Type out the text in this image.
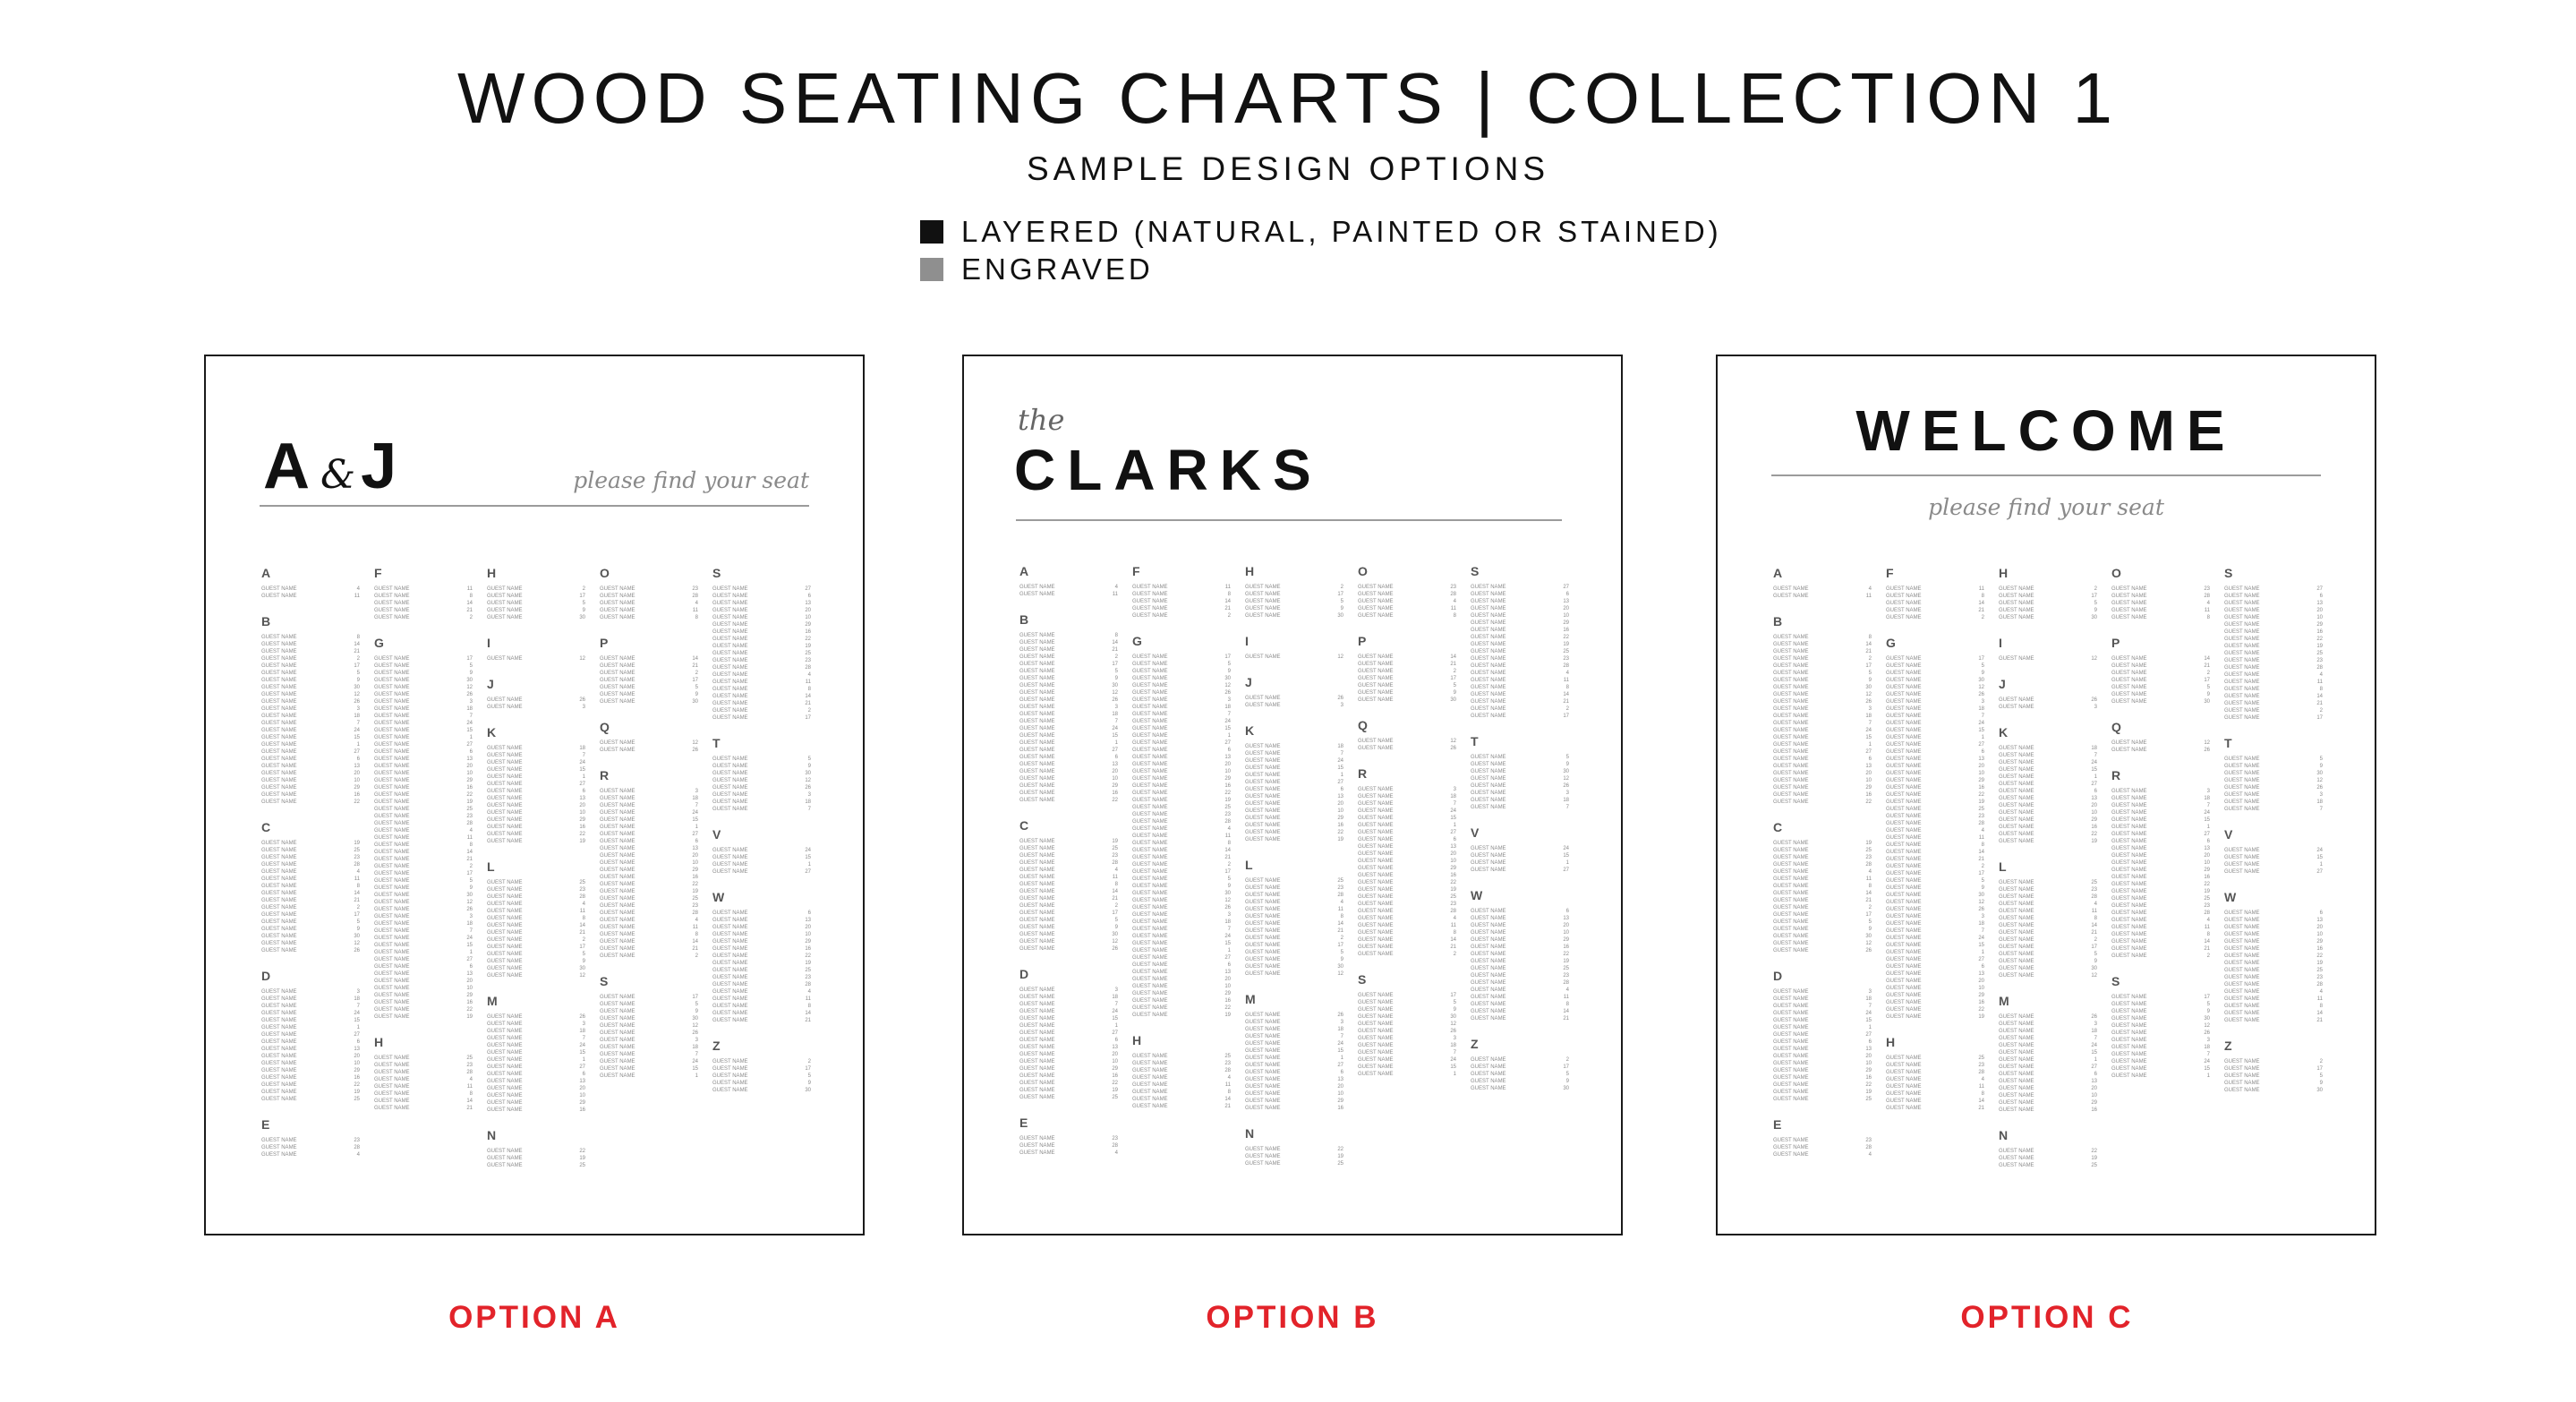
WOOD SEATING CHARTS | COLLECTION 1
SAMPLE DESIGN OPTIONS
LAYERED (NATURAL, PAINTED OR STAINED)
ENGRAVED
A &J	please find your seat
A
GUEST NAME	4
GUEST NAME	11
B
GUEST NAME	8
GUEST NAME	14
GUEST NAME	21
GUEST NAME	2
GUEST NAME	17
GUEST NAME	5
GUEST NAME	9
GUEST NAME	30
GUEST NAME	12
GUEST NAME	26
GUEST NAME	3
GUEST NAME	18
GUEST NAME	7
GUEST NAME	24
GUEST NAME	15
GUEST NAME	1
GUEST NAME	27
GUEST NAME	6
GUEST NAME	13
GUEST NAME	20
GUEST NAME	10
GUEST NAME	29
GUEST NAME	16
GUEST NAME	22
C
GUEST NAME	19
GUEST NAME	25
GUEST NAME	23
GUEST NAME	28
GUEST NAME	4
GUEST NAME	11
GUEST NAME	8
GUEST NAME	14
GUEST NAME	21
GUEST NAME	2
GUEST NAME	17
GUEST NAME	5
GUEST NAME	9
GUEST NAME	30
GUEST NAME	12
GUEST NAME	26
D
GUEST NAME	3
GUEST NAME	18
GUEST NAME	7
GUEST NAME	24
GUEST NAME	15
GUEST NAME	1
GUEST NAME	27
GUEST NAME	6
GUEST NAME	13
GUEST NAME	20
GUEST NAME	10
GUEST NAME	29
GUEST NAME	16
GUEST NAME	22
GUEST NAME	19
GUEST NAME	25
E
GUEST NAME	23
GUEST NAME	28
GUEST NAME	4
F
GUEST NAME	11
GUEST NAME	8
GUEST NAME	14
GUEST NAME	21
GUEST NAME	2
G
GUEST NAME	17
GUEST NAME	5
GUEST NAME	9
GUEST NAME	30
GUEST NAME	12
GUEST NAME	26
GUEST NAME	3
GUEST NAME	18
GUEST NAME	7
GUEST NAME	24
GUEST NAME	15
GUEST NAME	1
GUEST NAME	27
GUEST NAME	6
GUEST NAME	13
GUEST NAME	20
GUEST NAME	10
GUEST NAME	29
GUEST NAME	16
GUEST NAME	22
GUEST NAME	19
GUEST NAME	25
GUEST NAME	23
GUEST NAME	28
GUEST NAME	4
GUEST NAME	11
GUEST NAME	8
GUEST NAME	14
GUEST NAME	21
GUEST NAME	2
GUEST NAME	17
GUEST NAME	5
GUEST NAME	9
GUEST NAME	30
GUEST NAME	12
GUEST NAME	26
GUEST NAME	3
GUEST NAME	18
GUEST NAME	7
GUEST NAME	24
GUEST NAME	15
GUEST NAME	1
GUEST NAME	27
GUEST NAME	6
GUEST NAME	13
GUEST NAME	20
GUEST NAME	10
GUEST NAME	29
GUEST NAME	16
GUEST NAME	22
GUEST NAME	19
H
GUEST NAME	25
GUEST NAME	23
GUEST NAME	28
GUEST NAME	4
GUEST NAME	11
GUEST NAME	8
GUEST NAME	14
GUEST NAME	21
H
GUEST NAME	2
GUEST NAME	17
GUEST NAME	5
GUEST NAME	9
GUEST NAME	30
I
GUEST NAME	12
J
GUEST NAME	26
GUEST NAME	3
K
GUEST NAME	18
GUEST NAME	7
GUEST NAME	24
GUEST NAME	15
GUEST NAME	1
GUEST NAME	27
GUEST NAME	6
GUEST NAME	13
GUEST NAME	20
GUEST NAME	10
GUEST NAME	29
GUEST NAME	16
GUEST NAME	22
GUEST NAME	19
L
GUEST NAME	25
GUEST NAME	23
GUEST NAME	28
GUEST NAME	4
GUEST NAME	11
GUEST NAME	8
GUEST NAME	14
GUEST NAME	21
GUEST NAME	2
GUEST NAME	17
GUEST NAME	5
GUEST NAME	9
GUEST NAME	30
GUEST NAME	12
M
GUEST NAME	26
GUEST NAME	3
GUEST NAME	18
GUEST NAME	7
GUEST NAME	24
GUEST NAME	15
GUEST NAME	1
GUEST NAME	27
GUEST NAME	6
GUEST NAME	13
GUEST NAME	20
GUEST NAME	10
GUEST NAME	29
GUEST NAME	16
N
GUEST NAME	22
GUEST NAME	19
GUEST NAME	25
O
GUEST NAME	23
GUEST NAME	28
GUEST NAME	4
GUEST NAME	11
GUEST NAME	8
P
GUEST NAME	14
GUEST NAME	21
GUEST NAME	2
GUEST NAME	17
GUEST NAME	5
GUEST NAME	9
GUEST NAME	30
Q
GUEST NAME	12
GUEST NAME	26
R
GUEST NAME	3
GUEST NAME	18
GUEST NAME	7
GUEST NAME	24
GUEST NAME	15
GUEST NAME	1
GUEST NAME	27
GUEST NAME	6
GUEST NAME	13
GUEST NAME	20
GUEST NAME	10
GUEST NAME	29
GUEST NAME	16
GUEST NAME	22
GUEST NAME	19
GUEST NAME	25
GUEST NAME	23
GUEST NAME	28
GUEST NAME	4
GUEST NAME	11
GUEST NAME	8
GUEST NAME	14
GUEST NAME	21
GUEST NAME	2
S
GUEST NAME	17
GUEST NAME	5
GUEST NAME	9
GUEST NAME	30
GUEST NAME	12
GUEST NAME	26
GUEST NAME	3
GUEST NAME	18
GUEST NAME	7
GUEST NAME	24
GUEST NAME	15
GUEST NAME	1
S
GUEST NAME	27
GUEST NAME	6
GUEST NAME	13
GUEST NAME	20
GUEST NAME	10
GUEST NAME	29
GUEST NAME	16
GUEST NAME	22
GUEST NAME	19
GUEST NAME	25
GUEST NAME	23
GUEST NAME	28
GUEST NAME	4
GUEST NAME	11
GUEST NAME	8
GUEST NAME	14
GUEST NAME	21
GUEST NAME	2
GUEST NAME	17
T
GUEST NAME	5
GUEST NAME	9
GUEST NAME	30
GUEST NAME	12
GUEST NAME	26
GUEST NAME	3
GUEST NAME	18
GUEST NAME	7
V
GUEST NAME	24
GUEST NAME	15
GUEST NAME	1
GUEST NAME	27
W
GUEST NAME	6
GUEST NAME	13
GUEST NAME	20
GUEST NAME	10
GUEST NAME	29
GUEST NAME	16
GUEST NAME	22
GUEST NAME	19
GUEST NAME	25
GUEST NAME	23
GUEST NAME	28
GUEST NAME	4
GUEST NAME	11
GUEST NAME	8
GUEST NAME	14
GUEST NAME	21
Z
GUEST NAME	2
GUEST NAME	17
GUEST NAME	5
GUEST NAME	9
GUEST NAME	30
OPTION A
the
CLARKS
A
GUEST NAME	4
GUEST NAME	11
B
GUEST NAME	8
GUEST NAME	14
GUEST NAME	21
GUEST NAME	2
GUEST NAME	17
GUEST NAME	5
GUEST NAME	9
GUEST NAME	30
GUEST NAME	12
GUEST NAME	26
GUEST NAME	3
GUEST NAME	18
GUEST NAME	7
GUEST NAME	24
GUEST NAME	15
GUEST NAME	1
GUEST NAME	27
GUEST NAME	6
GUEST NAME	13
GUEST NAME	20
GUEST NAME	10
GUEST NAME	29
GUEST NAME	16
GUEST NAME	22
C
GUEST NAME	19
GUEST NAME	25
GUEST NAME	23
GUEST NAME	28
GUEST NAME	4
GUEST NAME	11
GUEST NAME	8
GUEST NAME	14
GUEST NAME	21
GUEST NAME	2
GUEST NAME	17
GUEST NAME	5
GUEST NAME	9
GUEST NAME	30
GUEST NAME	12
GUEST NAME	26
D
GUEST NAME	3
GUEST NAME	18
GUEST NAME	7
GUEST NAME	24
GUEST NAME	15
GUEST NAME	1
GUEST NAME	27
GUEST NAME	6
GUEST NAME	13
GUEST NAME	20
GUEST NAME	10
GUEST NAME	29
GUEST NAME	16
GUEST NAME	22
GUEST NAME	19
GUEST NAME	25
E
GUEST NAME	23
GUEST NAME	28
GUEST NAME	4
F
GUEST NAME	11
GUEST NAME	8
GUEST NAME	14
GUEST NAME	21
GUEST NAME	2
G
GUEST NAME	17
GUEST NAME	5
GUEST NAME	9
GUEST NAME	30
GUEST NAME	12
GUEST NAME	26
GUEST NAME	3
GUEST NAME	18
GUEST NAME	7
GUEST NAME	24
GUEST NAME	15
GUEST NAME	1
GUEST NAME	27
GUEST NAME	6
GUEST NAME	13
GUEST NAME	20
GUEST NAME	10
GUEST NAME	29
GUEST NAME	16
GUEST NAME	22
GUEST NAME	19
GUEST NAME	25
GUEST NAME	23
GUEST NAME	28
GUEST NAME	4
GUEST NAME	11
GUEST NAME	8
GUEST NAME	14
GUEST NAME	21
GUEST NAME	2
GUEST NAME	17
GUEST NAME	5
GUEST NAME	9
GUEST NAME	30
GUEST NAME	12
GUEST NAME	26
GUEST NAME	3
GUEST NAME	18
GUEST NAME	7
GUEST NAME	24
GUEST NAME	15
GUEST NAME	1
GUEST NAME	27
GUEST NAME	6
GUEST NAME	13
GUEST NAME	20
GUEST NAME	10
GUEST NAME	29
GUEST NAME	16
GUEST NAME	22
GUEST NAME	19
H
GUEST NAME	25
GUEST NAME	23
GUEST NAME	28
GUEST NAME	4
GUEST NAME	11
GUEST NAME	8
GUEST NAME	14
GUEST NAME	21
H
GUEST NAME	2
GUEST NAME	17
GUEST NAME	5
GUEST NAME	9
GUEST NAME	30
I
GUEST NAME	12
J
GUEST NAME	26
GUEST NAME	3
K
GUEST NAME	18
GUEST NAME	7
GUEST NAME	24
GUEST NAME	15
GUEST NAME	1
GUEST NAME	27
GUEST NAME	6
GUEST NAME	13
GUEST NAME	20
GUEST NAME	10
GUEST NAME	29
GUEST NAME	16
GUEST NAME	22
GUEST NAME	19
L
GUEST NAME	25
GUEST NAME	23
GUEST NAME	28
GUEST NAME	4
GUEST NAME	11
GUEST NAME	8
GUEST NAME	14
GUEST NAME	21
GUEST NAME	2
GUEST NAME	17
GUEST NAME	5
GUEST NAME	9
GUEST NAME	30
GUEST NAME	12
M
GUEST NAME	26
GUEST NAME	3
GUEST NAME	18
GUEST NAME	7
GUEST NAME	24
GUEST NAME	15
GUEST NAME	1
GUEST NAME	27
GUEST NAME	6
GUEST NAME	13
GUEST NAME	20
GUEST NAME	10
GUEST NAME	29
GUEST NAME	16
N
GUEST NAME	22
GUEST NAME	19
GUEST NAME	25
O
GUEST NAME	23
GUEST NAME	28
GUEST NAME	4
GUEST NAME	11
GUEST NAME	8
P
GUEST NAME	14
GUEST NAME	21
GUEST NAME	2
GUEST NAME	17
GUEST NAME	5
GUEST NAME	9
GUEST NAME	30
Q
GUEST NAME	12
GUEST NAME	26
R
GUEST NAME	3
GUEST NAME	18
GUEST NAME	7
GUEST NAME	24
GUEST NAME	15
GUEST NAME	1
GUEST NAME	27
GUEST NAME	6
GUEST NAME	13
GUEST NAME	20
GUEST NAME	10
GUEST NAME	29
GUEST NAME	16
GUEST NAME	22
GUEST NAME	19
GUEST NAME	25
GUEST NAME	23
GUEST NAME	28
GUEST NAME	4
GUEST NAME	11
GUEST NAME	8
GUEST NAME	14
GUEST NAME	21
GUEST NAME	2
S
GUEST NAME	17
GUEST NAME	5
GUEST NAME	9
GUEST NAME	30
GUEST NAME	12
GUEST NAME	26
GUEST NAME	3
GUEST NAME	18
GUEST NAME	7
GUEST NAME	24
GUEST NAME	15
GUEST NAME	1
S
GUEST NAME	27
GUEST NAME	6
GUEST NAME	13
GUEST NAME	20
GUEST NAME	10
GUEST NAME	29
GUEST NAME	16
GUEST NAME	22
GUEST NAME	19
GUEST NAME	25
GUEST NAME	23
GUEST NAME	28
GUEST NAME	4
GUEST NAME	11
GUEST NAME	8
GUEST NAME	14
GUEST NAME	21
GUEST NAME	2
GUEST NAME	17
T
GUEST NAME	5
GUEST NAME	9
GUEST NAME	30
GUEST NAME	12
GUEST NAME	26
GUEST NAME	3
GUEST NAME	18
GUEST NAME	7
V
GUEST NAME	24
GUEST NAME	15
GUEST NAME	1
GUEST NAME	27
W
GUEST NAME	6
GUEST NAME	13
GUEST NAME	20
GUEST NAME	10
GUEST NAME	29
GUEST NAME	16
GUEST NAME	22
GUEST NAME	19
GUEST NAME	25
GUEST NAME	23
GUEST NAME	28
GUEST NAME	4
GUEST NAME	11
GUEST NAME	8
GUEST NAME	14
GUEST NAME	21
Z
GUEST NAME	2
GUEST NAME	17
GUEST NAME	5
GUEST NAME	9
GUEST NAME	30
OPTION B
WELCOME
please find your seat
A
GUEST NAME	4
GUEST NAME	11
B
GUEST NAME	8
GUEST NAME	14
GUEST NAME	21
GUEST NAME	2
GUEST NAME	17
GUEST NAME	5
GUEST NAME	9
GUEST NAME	30
GUEST NAME	12
GUEST NAME	26
GUEST NAME	3
GUEST NAME	18
GUEST NAME	7
GUEST NAME	24
GUEST NAME	15
GUEST NAME	1
GUEST NAME	27
GUEST NAME	6
GUEST NAME	13
GUEST NAME	20
GUEST NAME	10
GUEST NAME	29
GUEST NAME	16
GUEST NAME	22
C
GUEST NAME	19
GUEST NAME	25
GUEST NAME	23
GUEST NAME	28
GUEST NAME	4
GUEST NAME	11
GUEST NAME	8
GUEST NAME	14
GUEST NAME	21
GUEST NAME	2
GUEST NAME	17
GUEST NAME	5
GUEST NAME	9
GUEST NAME	30
GUEST NAME	12
GUEST NAME	26
D
GUEST NAME	3
GUEST NAME	18
GUEST NAME	7
GUEST NAME	24
GUEST NAME	15
GUEST NAME	1
GUEST NAME	27
GUEST NAME	6
GUEST NAME	13
GUEST NAME	20
GUEST NAME	10
GUEST NAME	29
GUEST NAME	16
GUEST NAME	22
GUEST NAME	19
GUEST NAME	25
E
GUEST NAME	23
GUEST NAME	28
GUEST NAME	4
F
GUEST NAME	11
GUEST NAME	8
GUEST NAME	14
GUEST NAME	21
GUEST NAME	2
G
GUEST NAME	17
GUEST NAME	5
GUEST NAME	9
GUEST NAME	30
GUEST NAME	12
GUEST NAME	26
GUEST NAME	3
GUEST NAME	18
GUEST NAME	7
GUEST NAME	24
GUEST NAME	15
GUEST NAME	1
GUEST NAME	27
GUEST NAME	6
GUEST NAME	13
GUEST NAME	20
GUEST NAME	10
GUEST NAME	29
GUEST NAME	16
GUEST NAME	22
GUEST NAME	19
GUEST NAME	25
GUEST NAME	23
GUEST NAME	28
GUEST NAME	4
GUEST NAME	11
GUEST NAME	8
GUEST NAME	14
GUEST NAME	21
GUEST NAME	2
GUEST NAME	17
GUEST NAME	5
GUEST NAME	9
GUEST NAME	30
GUEST NAME	12
GUEST NAME	26
GUEST NAME	3
GUEST NAME	18
GUEST NAME	7
GUEST NAME	24
GUEST NAME	15
GUEST NAME	1
GUEST NAME	27
GUEST NAME	6
GUEST NAME	13
GUEST NAME	20
GUEST NAME	10
GUEST NAME	29
GUEST NAME	16
GUEST NAME	22
GUEST NAME	19
H
GUEST NAME	25
GUEST NAME	23
GUEST NAME	28
GUEST NAME	4
GUEST NAME	11
GUEST NAME	8
GUEST NAME	14
GUEST NAME	21
H
GUEST NAME	2
GUEST NAME	17
GUEST NAME	5
GUEST NAME	9
GUEST NAME	30
I
GUEST NAME	12
J
GUEST NAME	26
GUEST NAME	3
K
GUEST NAME	18
GUEST NAME	7
GUEST NAME	24
GUEST NAME	15
GUEST NAME	1
GUEST NAME	27
GUEST NAME	6
GUEST NAME	13
GUEST NAME	20
GUEST NAME	10
GUEST NAME	29
GUEST NAME	16
GUEST NAME	22
GUEST NAME	19
L
GUEST NAME	25
GUEST NAME	23
GUEST NAME	28
GUEST NAME	4
GUEST NAME	11
GUEST NAME	8
GUEST NAME	14
GUEST NAME	21
GUEST NAME	2
GUEST NAME	17
GUEST NAME	5
GUEST NAME	9
GUEST NAME	30
GUEST NAME	12
M
GUEST NAME	26
GUEST NAME	3
GUEST NAME	18
GUEST NAME	7
GUEST NAME	24
GUEST NAME	15
GUEST NAME	1
GUEST NAME	27
GUEST NAME	6
GUEST NAME	13
GUEST NAME	20
GUEST NAME	10
GUEST NAME	29
GUEST NAME	16
N
GUEST NAME	22
GUEST NAME	19
GUEST NAME	25
O
GUEST NAME	23
GUEST NAME	28
GUEST NAME	4
GUEST NAME	11
GUEST NAME	8
P
GUEST NAME	14
GUEST NAME	21
GUEST NAME	2
GUEST NAME	17
GUEST NAME	5
GUEST NAME	9
GUEST NAME	30
Q
GUEST NAME	12
GUEST NAME	26
R
GUEST NAME	3
GUEST NAME	18
GUEST NAME	7
GUEST NAME	24
GUEST NAME	15
GUEST NAME	1
GUEST NAME	27
GUEST NAME	6
GUEST NAME	13
GUEST NAME	20
GUEST NAME	10
GUEST NAME	29
GUEST NAME	16
GUEST NAME	22
GUEST NAME	19
GUEST NAME	25
GUEST NAME	23
GUEST NAME	28
GUEST NAME	4
GUEST NAME	11
GUEST NAME	8
GUEST NAME	14
GUEST NAME	21
GUEST NAME	2
S
GUEST NAME	17
GUEST NAME	5
GUEST NAME	9
GUEST NAME	30
GUEST NAME	12
GUEST NAME	26
GUEST NAME	3
GUEST NAME	18
GUEST NAME	7
GUEST NAME	24
GUEST NAME	15
GUEST NAME	1
S
GUEST NAME	27
GUEST NAME	6
GUEST NAME	13
GUEST NAME	20
GUEST NAME	10
GUEST NAME	29
GUEST NAME	16
GUEST NAME	22
GUEST NAME	19
GUEST NAME	25
GUEST NAME	23
GUEST NAME	28
GUEST NAME	4
GUEST NAME	11
GUEST NAME	8
GUEST NAME	14
GUEST NAME	21
GUEST NAME	2
GUEST NAME	17
T
GUEST NAME	5
GUEST NAME	9
GUEST NAME	30
GUEST NAME	12
GUEST NAME	26
GUEST NAME	3
GUEST NAME	18
GUEST NAME	7
V
GUEST NAME	24
GUEST NAME	15
GUEST NAME	1
GUEST NAME	27
W
GUEST NAME	6
GUEST NAME	13
GUEST NAME	20
GUEST NAME	10
GUEST NAME	29
GUEST NAME	16
GUEST NAME	22
GUEST NAME	19
GUEST NAME	25
GUEST NAME	23
GUEST NAME	28
GUEST NAME	4
GUEST NAME	11
GUEST NAME	8
GUEST NAME	14
GUEST NAME	21
Z
GUEST NAME	2
GUEST NAME	17
GUEST NAME	5
GUEST NAME	9
GUEST NAME	30
OPTION C
